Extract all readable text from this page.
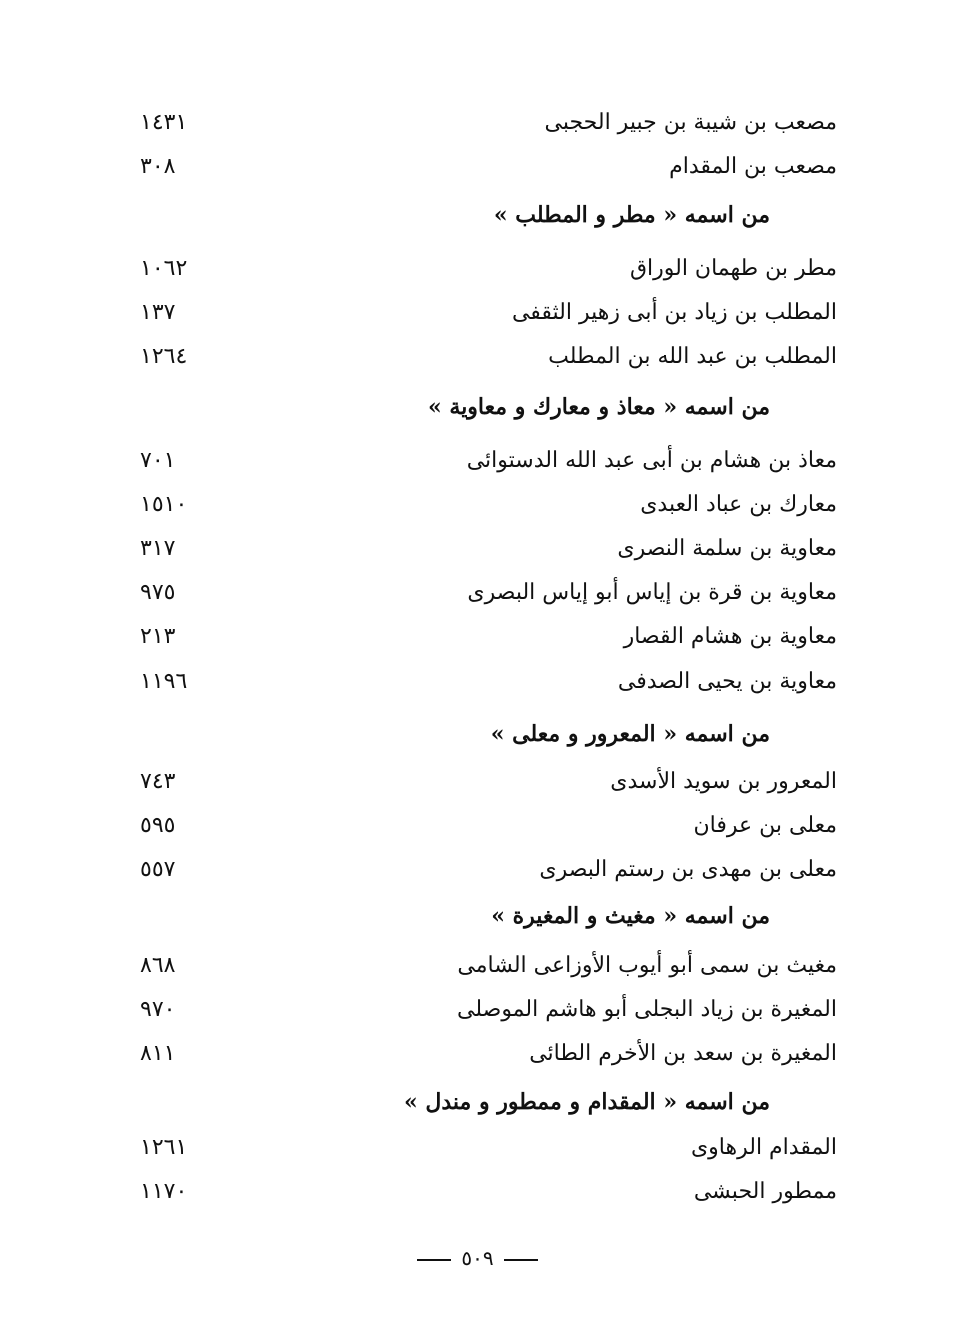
مصعب بن شيبة بن جبير الحجبى
١٤٣١
مصعب بن المقدام
٣٠٨
من اسمه « مطر و المطلب »
مطر بن طهمان الوراق
١٠٦٢
المطلب بن زياد بن أبى زهير الثقفى
١٣٧
المطلب بن عبد الله بن المطلب
١٢٦٤
من اسمه « معاذ و معارك و معاوية »
معاذ بن هشام بن أبى عبد الله الدستوائى
٧٠١
معارك بن عباد العبدى
١٥١٠
معاوية بن سلمة النصرى
٣١٧
معاوية بن قرة بن إياس أبو إياس البصرى
٩٧٥
معاوية بن هشام القصار
٢١٣
معاوية بن يحيى الصدفى
١١٩٦
من اسمه « المعرور و معلى »
المعرور بن سويد الأسدى
٧٤٣
معلى بن عرفان
٥٩٥
معلى بن مهدى بن رستم البصرى
٥٥٧
من اسمه « مغيث و المغيرة »
مغيث بن سمى أبو أيوب الأوزاعى الشامى
٨٦٨
المغيرة بن زياد البجلى أبو هاشم الموصلى
٩٧٠
المغيرة بن سعد بن الأخرم الطائى
٨١١
من اسمه « المقدام و ممطور و مندل »
المقدام الرهاوى
١٢٦١
ممطور الحبشى
١١٧٠
٥٠٩
